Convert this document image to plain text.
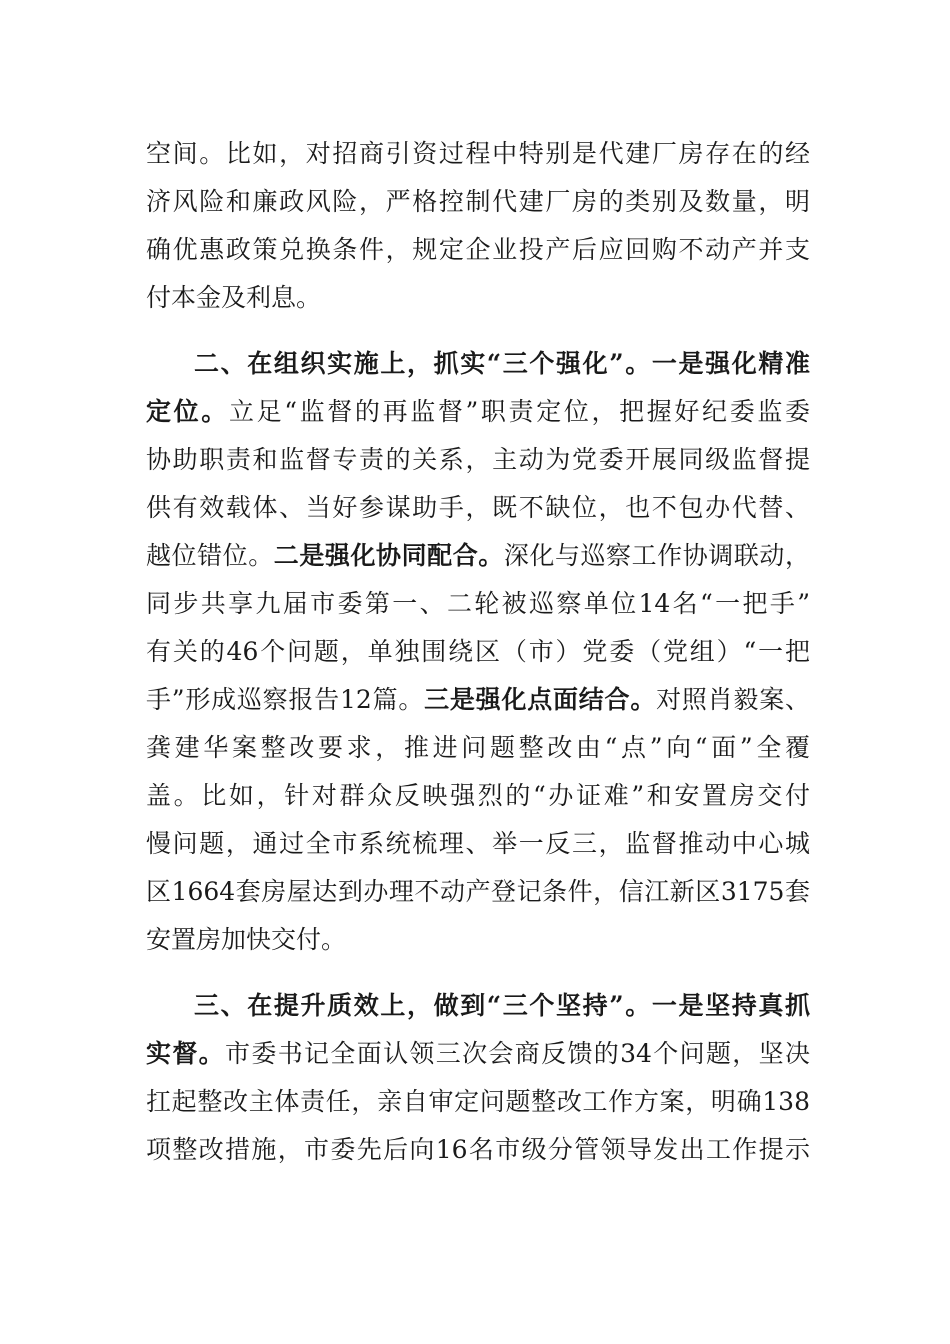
空间。比如，对招商引资过程中特别是代建厂房存在的经
济风险和廉政风险，严格控制代建厂房的类别及数量，明
确优惠政策兑换条件，规定企业投产后应回购不动产并支
付本金及利息。
二、在组织实施上，抓实“三个强化”。一是强化精准
定位。立足“监督的再监督”职责定位，把握好纪委监委
协助职责和监督专责的关系，主动为党委开展同级监督提
供有效载体、当好参谋助手，既不缺位，也不包办代替、
越位错位。二是强化协同配合。深化与巡察工作协调联动，
同步共享九届市委第一、二轮被巡察单位14名“一把手”
有关的46个问题，单独围绕区（市）党委（党组）“一把
手”形成巡察报告12篇。三是强化点面结合。对照肖毅案、
龚建华案整改要求，推进问题整改由“点”向“面”全覆
盖。比如，针对群众反映强烈的“办证难”和安置房交付
慢问题，通过全市系统梳理、举一反三，监督推动中心城
区1664套房屋达到办理不动产登记条件，信江新区3175套
安置房加快交付。
三、在提升质效上，做到“三个坚持”。一是坚持真抓
实督。市委书记全面认领三次会商反馈的34个问题，坚决
扛起整改主体责任，亲自审定问题整改工作方案，明确138
项整改措施，市委先后向16名市级分管领导发出工作提示
